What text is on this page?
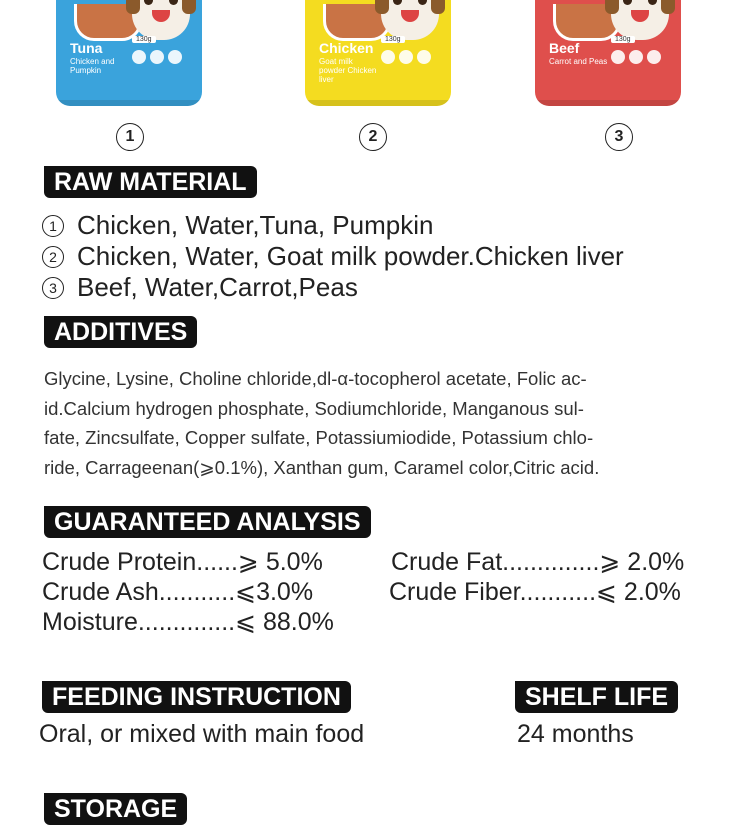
Tuna
Chicken and Pumpkin
130g
Chicken
Goat milk powder Chicken liver
130g
Beef
Carrot and Peas
130g
1	2	3
RAW MATERIAL
1 Chicken, Water,Tuna, Pumpkin
2 Chicken, Water, Goat milk powder.Chicken liver
3 Beef, Water,Carrot,Peas
ADDITIVES
Glycine, Lysine, Choline chloride,dl-α-tocopherol acetate, Folic ac-
id.Calcium hydrogen phosphate, Sodiumchloride, Manganous sul-
fate, Zincsulfate, Copper sulfate, Potassiumiodide, Potassium chlo-
ride, Carrageenan(⩾0.1%), Xanthan gum, Caramel color,Citric acid.
GUARANTEED ANALYSIS
Crude Protein......⩾ 5.0%
Crude Ash...........⩽3.0%
Moisture..............⩽ 88.0%
Crude Fat..............⩾ 2.0%
Crude Fiber...........⩽ 2.0%
FEEDING INSTRUCTION
Oral, or mixed with main food
SHELF LIFE
24 months
STORAGE
